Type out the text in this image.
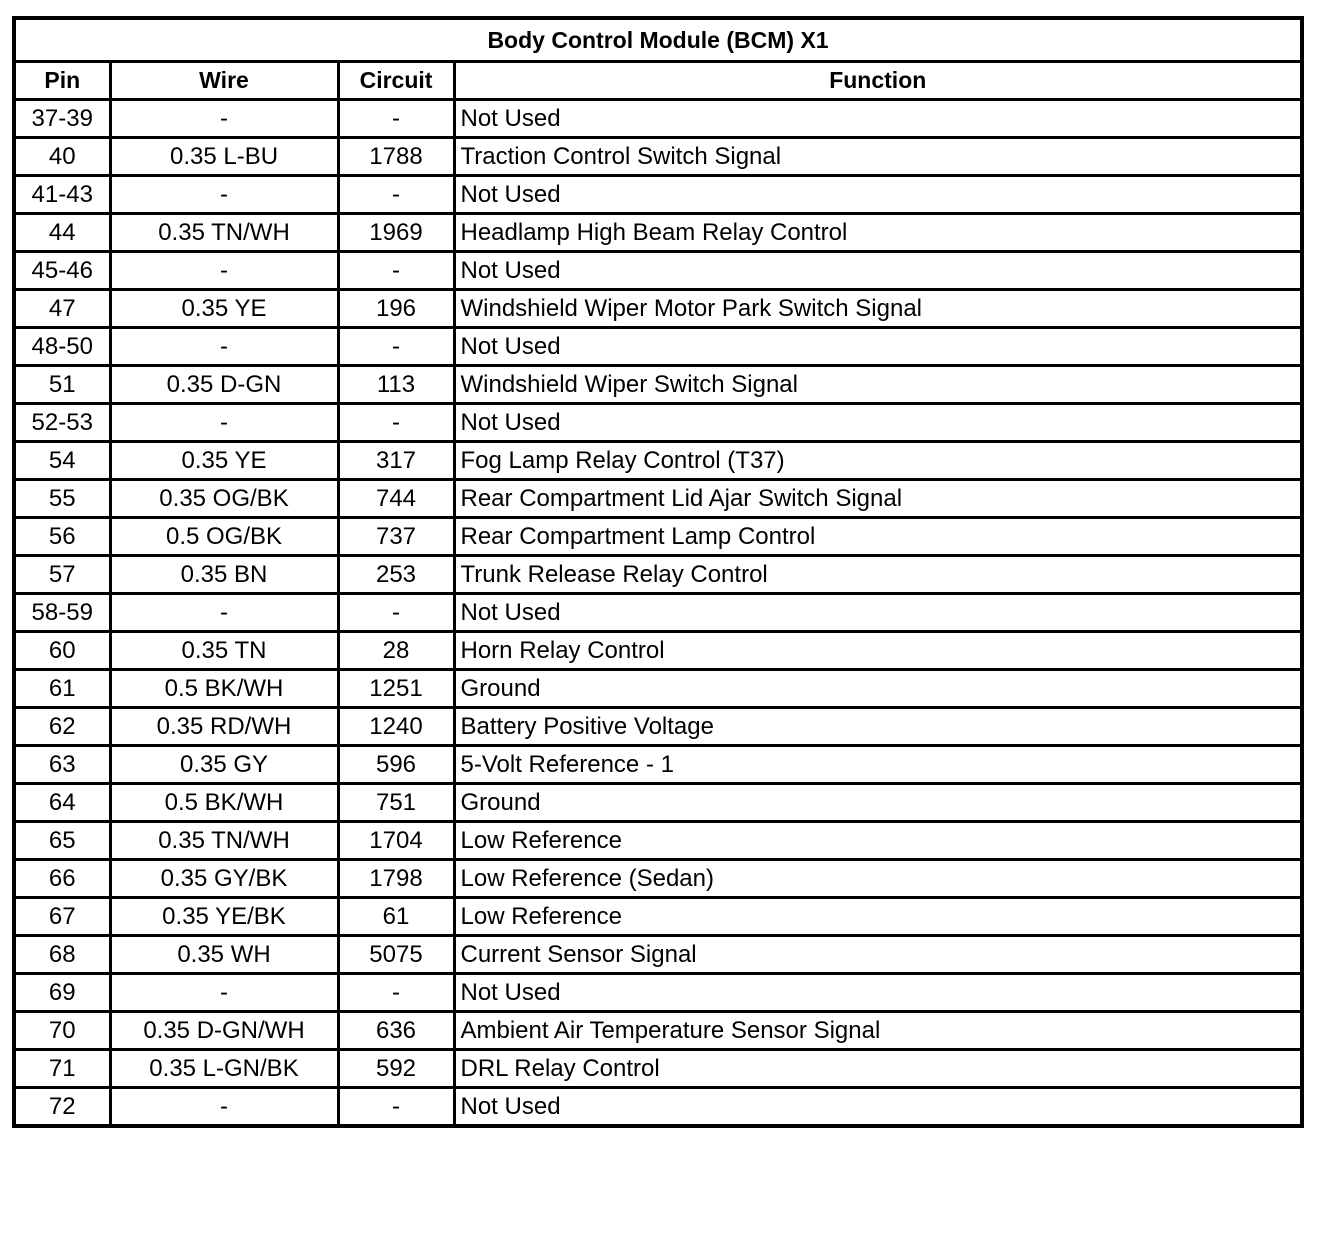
Body Control Module (BCM) X1			
Pin	Wire	Circuit	Function
37-39	-	-	Not Used
40	0.35 L-BU	1788	Traction Control Switch Signal
41-43	-	-	Not Used
44	0.35 TN/WH	1969	Headlamp High Beam Relay Control
45-46	-	-	Not Used
47	0.35 YE	196	Windshield Wiper Motor Park Switch Signal
48-50	-	-	Not Used
51	0.35 D-GN	113	Windshield Wiper Switch Signal
52-53	-	-	Not Used
54	0.35 YE	317	Fog Lamp Relay Control (T37)
55	0.35 OG/BK	744	Rear Compartment Lid Ajar Switch Signal
56	0.5 OG/BK	737	Rear Compartment Lamp Control
57	0.35 BN	253	Trunk Release Relay Control
58-59	-	-	Not Used
60	0.35 TN	28	Horn Relay Control
61	0.5 BK/WH	1251	Ground
62	0.35 RD/WH	1240	Battery Positive Voltage
63	0.35 GY	596	5-Volt Reference - 1
64	0.5 BK/WH	751	Ground
65	0.35 TN/WH	1704	Low Reference
66	0.35 GY/BK	1798	Low Reference (Sedan)
67	0.35 YE/BK	61	Low Reference
68	0.35 WH	5075	Current Sensor Signal
69	-	-	Not Used
70	0.35 D-GN/WH	636	Ambient Air Temperature Sensor Signal
71	0.35 L-GN/BK	592	DRL Relay Control
72	-	-	Not Used
